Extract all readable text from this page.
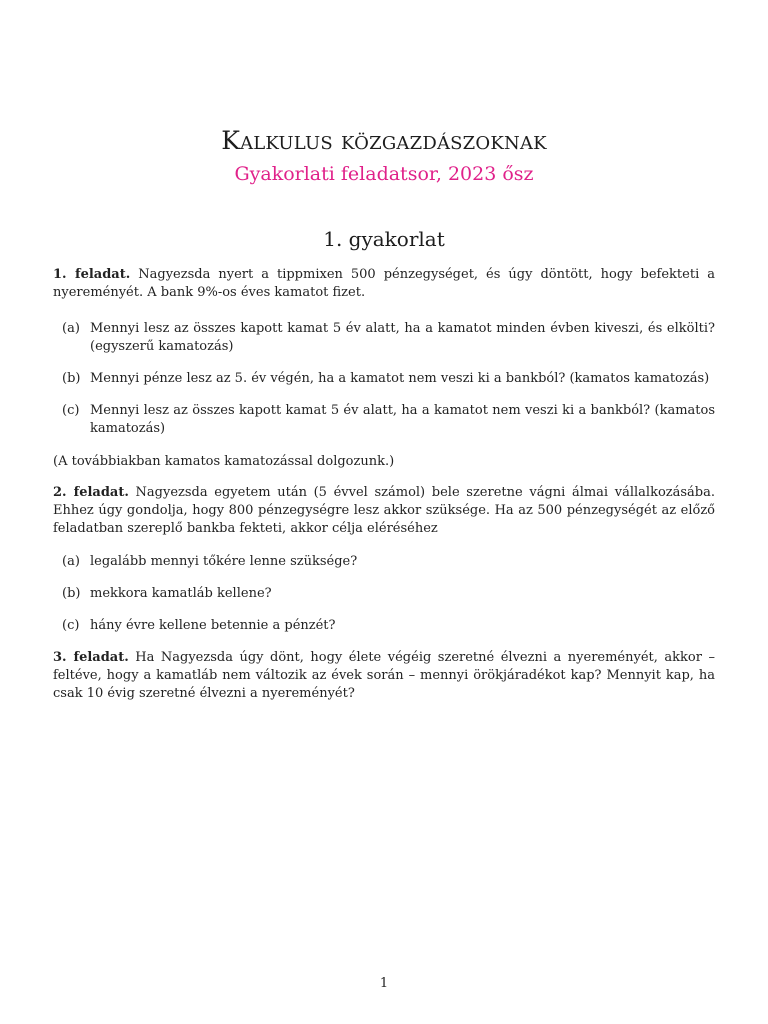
Kalkulus közgazdászoknak
Gyakorlati feladatsor, 2023 ősz
1. gyakorlat
1. feladat. Nagyezsda nyert a tippmixen 500 pénzegységet, és úgy döntött, hogy befekteti a nyereményét. A bank 9%-os éves kamatot fizet.
(a) Mennyi lesz az összes kapott kamat 5 év alatt, ha a kamatot minden évben kiveszi, és elkölti? (egyszerű kamatozás)
(b) Mennyi pénze lesz az 5. év végén, ha a kamatot nem veszi ki a bankból? (kamatos kamatozás)
(c) Mennyi lesz az összes kapott kamat 5 év alatt, ha a kamatot nem veszi ki a bankból? (kamatos kamatozás)
(A továbbiakban kamatos kamatozással dolgozunk.)
2. feladat. Nagyezsda egyetem után (5 évvel számol) bele szeretne vágni álmai vállalkozásába. Ehhez úgy gondolja, hogy 800 pénzegységre lesz akkor szüksége. Ha az 500 pénzegységét az előző feladatban szereplő bankba fekteti, akkor célja eléréséhez
(a) legalább mennyi tőkére lenne szüksége?
(b) mekkora kamatláb kellene?
(c) hány évre kellene betennie a pénzét?
3. feladat. Ha Nagyezsda úgy dönt, hogy élete végéig szeretné élvezni a nyereményét, akkor – feltéve, hogy a kamatláb nem változik az évek során – mennyi örökjáradékot kap? Mennyit kap, ha csak 10 évig szeretné élvezni a nyereményét?
1
